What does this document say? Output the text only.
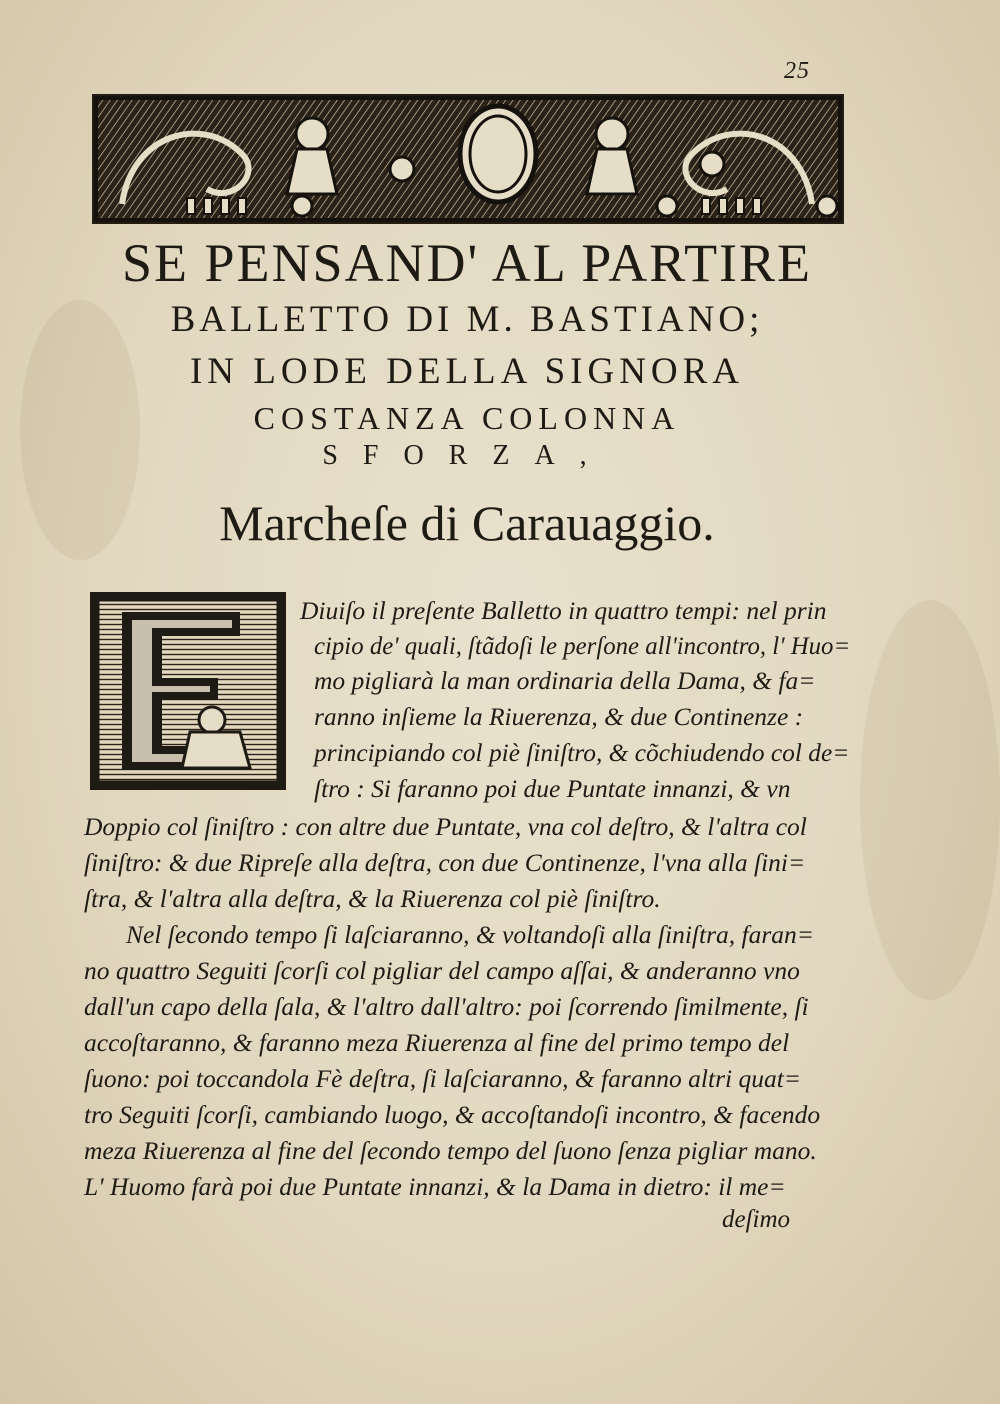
25
SE PENSAND' AL PARTIRE
BALLETTO DI M. BASTIANO;
IN LODE DELLA SIGNORA
COSTANZA COLONNA
SFORZA,
Marcheſe di Carauaggio.
Diuiſo il preſente Balletto in quattro tempi: nel prin
cipio de' quali, ſtãdoſi le perſone all'incontro, l' Huo=
mo pigliarà la man ordinaria della Dama, & fa=
ranno inſieme la Riuerenza, & due Continenze :
principiando col piè ſiniſtro, & cõchiudendo col de=
ſtro : Si faranno poi due Puntate innanzi, & vn
Doppio col ſiniſtro : con altre due Puntate, vna col deſtro, & l'altra col
ſiniſtro: & due Ripreſe alla deſtra, con due Continenze, l'vna alla ſini=
ſtra, & l'altra alla deſtra, & la Riuerenza col piè ſiniſtro.
Nel ſecondo tempo ſi laſciaranno, & voltandoſi alla ſiniſtra, faran=
no quattro Seguiti ſcorſi col pigliar del campo aſſai, & anderanno vno
dall'un capo della ſala, & l'altro dall'altro: poi ſcorrendo ſimilmente, ſi
accoſtaranno, & faranno meza Riuerenza al fine del primo tempo del
ſuono: poi toccandola Fè deſtra, ſi laſciaranno, & faranno altri quat=
tro Seguiti ſcorſi, cambiando luogo, & accoſtandoſi incontro, & facendo
meza Riuerenza al fine del ſecondo tempo del ſuono ſenza pigliar mano.
L' Huomo farà poi due Puntate innanzi, & la Dama in dietro: il me=
deſimo
